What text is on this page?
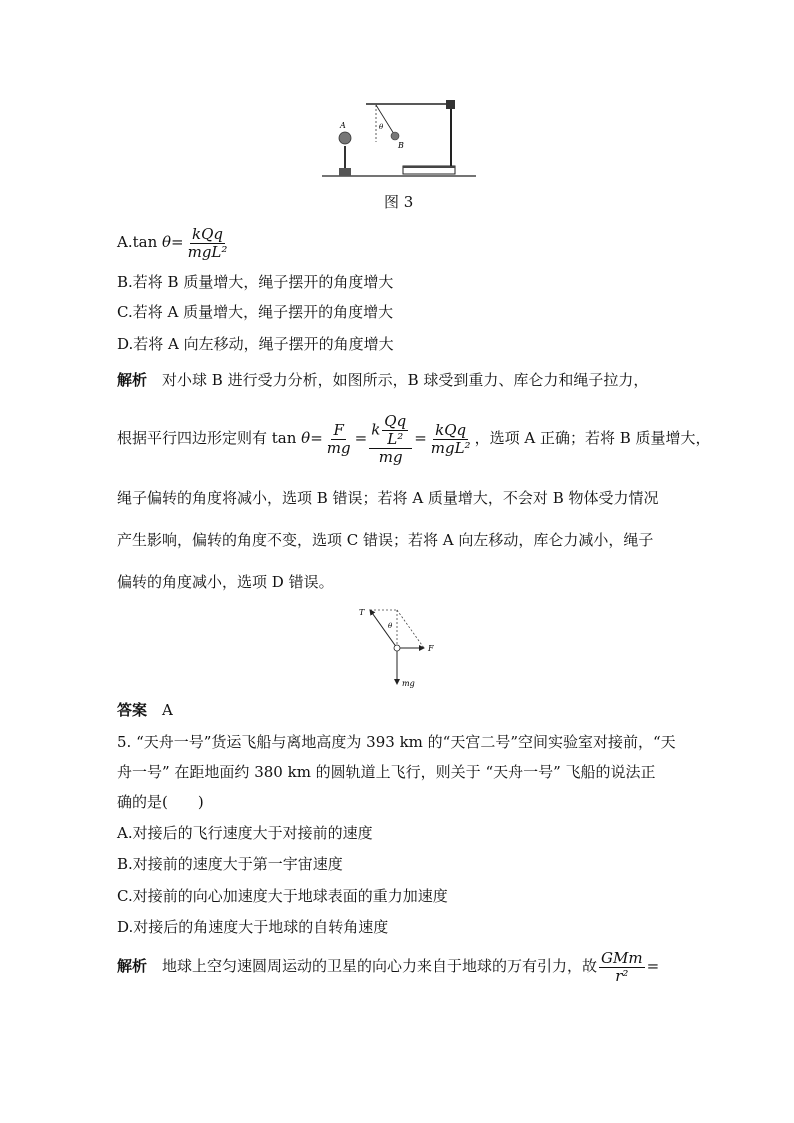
A	θ
B
图 3
A.tan $\theta= \frac{\text{kQq}}{\text{mgL²}}$
B.若将 B 质量增大，绳子摆开的角度增大
C.若将 A 质量增大，绳子摆开的角度增大
D.若将 A 向左移动，绳子摆开的角度增大
解析　 对小球 B 进行受力分析，如图所示，B 球受到重力、库仑力和绳子拉力，
根据平行四边形定则有 $\tan \theta= \frac{F}{mg} = \frac{k \frac{Qq}{\text{L²}}}{mg} = \frac{\text{kQq}}{\text{mgL²}}$ ，选项 A 正确；若将 B 质量增大，
绳子偏转的角度将减小，选项 B 错误；若将 A 质量增大，不会对 B 物体受力情况
产生影响，偏转的角度不变，选项 C 错误；若将 A 向左移动，库仑力减小，绳子
偏转的角度减小，选项 D 错误。
T
θ
F
mg
答案　 A
5. “天舟一号”货运飞船与离地高度为 393 km 的“天宫二号”空间实验室对接前，“天
舟一号” 在距地面约 380 km 的圆轨道上飞行，则关于 “天舟一号” 飞船的说法正
确的是(　　)
A.对接后的飞行速度大于对接前的速度
B.对接前的速度大于第一宇宙速度
C.对接前的向心加速度大于地球表面的重力加速度
D.对接后的角速度大于地球的自转角速度
解析　 地球上空匀速圆周运动的卫星的向心力来自于地球的万有引力，故 $\frac{\text{GMm}}{\text{r²}}$ =
